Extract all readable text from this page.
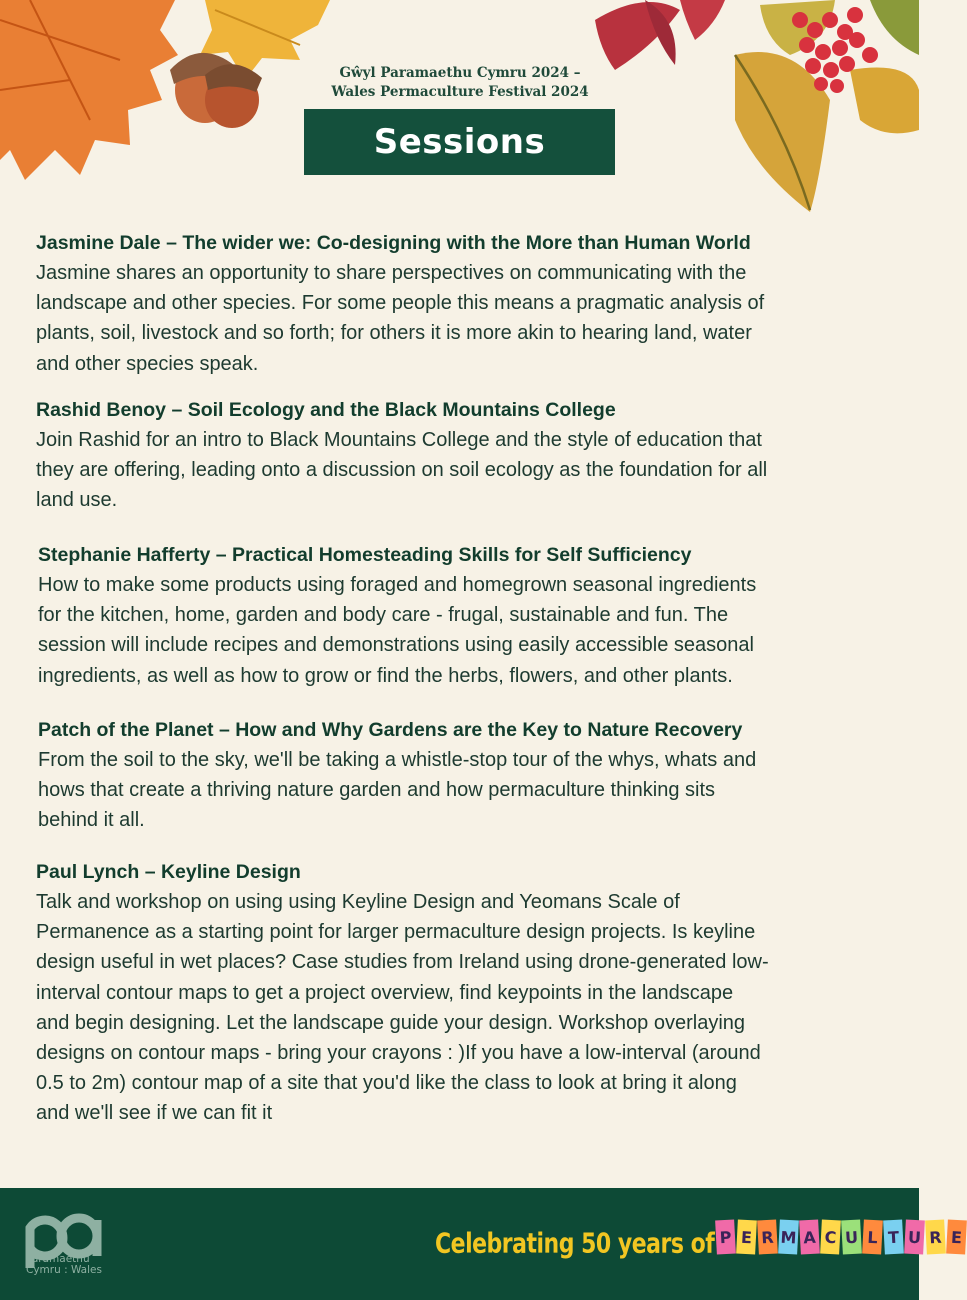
Gŵyl Paramaethu Cymru 2024 –
Wales Permaculture Festival 2024
Sessions
Jasmine Dale – The wider we: Co-designing with the More than Human World

Jasmine shares an opportunity to share perspectives on communicating with the
landscape and other species. For some people this means a pragmatic analysis of
plants, soil, livestock and so forth; for others it is more akin to hearing land, water
and other species speak.

Rashid Benoy – Soil Ecology and the Black Mountains College

Join Rashid for an intro to Black Mountains College and the style of education that
they are offering, leading onto a discussion on soil ecology as the foundation for all
land use.

Stephanie Hafferty – Practical Homesteading Skills for Self Sufficiency

How to make some products using foraged and homegrown seasonal ingredients
for the kitchen, home, garden and body care - frugal, sustainable and fun. The
session will include recipes and demonstrations using easily accessible seasonal
ingredients, as well as how to grow or find the herbs, flowers, and other plants.

Patch of the Planet – How and Why Gardens are the Key to Nature Recovery

From the soil to the sky, we'll be taking a whistle-stop tour of the whys, whats and
hows that create a thriving nature garden and how permaculture thinking sits
behind it all.

Paul Lynch – Keyline Design

Talk and workshop on using using Keyline Design and Yeomans Scale of
Permanence as a starting point for larger permaculture design projects. Is keyline
design useful in wet places? Case studies from Ireland using drone-generated low-
interval contour maps to get a project overview, find keypoints in the landscape
and begin designing. Let the landscape guide your design. Workshop overlaying
designs on contour maps - bring your crayons : )If you have a low-interval (around
0.5 to 2m) contour map of a site that you'd like the class to look at bring it along
and we'll see if we can fit it

Paramaethu
Cymru : Wales
Celebrating 50 years of P E R M A C U L T U R E
